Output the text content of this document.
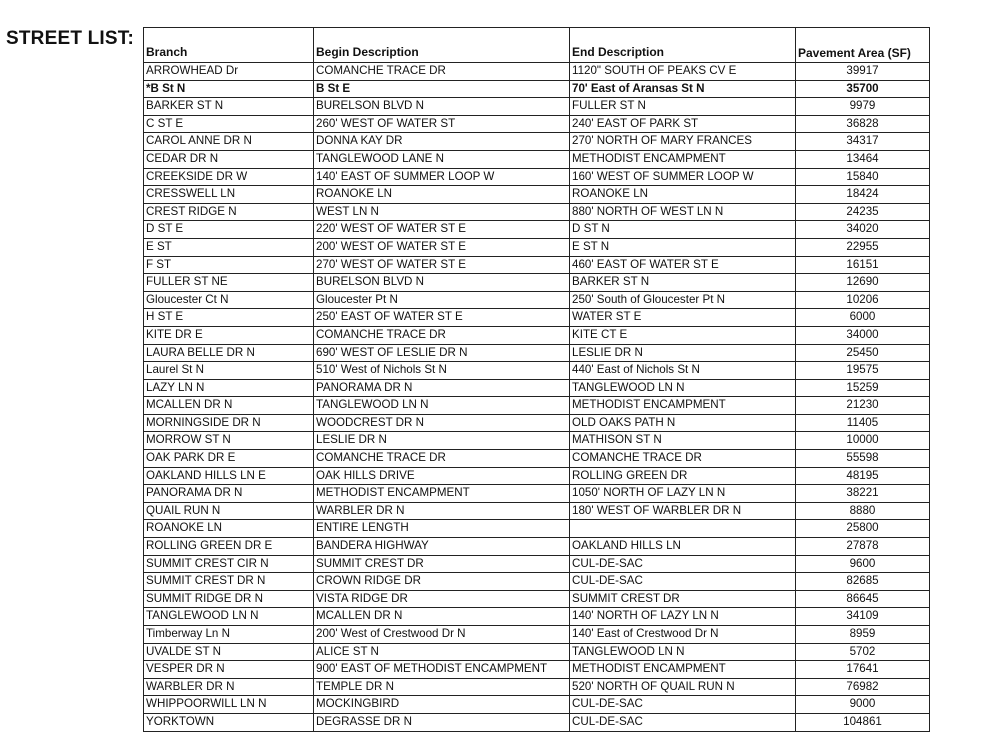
STREET LIST:
Branch	Begin Description	End Description	Pavement Area (SF)
ARROWHEAD Dr	COMANCHE TRACE DR	1120" SOUTH OF PEAKS CV E	39917
*B St N	B St E	70' East of Aransas St N	35700
BARKER ST N	BURELSON BLVD N	FULLER ST N	9979
C ST E	260' WEST OF WATER ST	240' EAST OF PARK ST	36828
CAROL ANNE DR N	DONNA KAY DR	270' NORTH OF MARY FRANCES	34317
CEDAR DR N	TANGLEWOOD LANE N	METHODIST ENCAMPMENT	13464
CREEKSIDE DR W	140' EAST OF SUMMER LOOP W	160' WEST OF SUMMER LOOP W	15840
CRESSWELL LN	ROANOKE LN	ROANOKE LN	18424
CREST RIDGE N	WEST LN N	880' NORTH OF WEST LN N	24235
D ST E	220' WEST OF WATER ST E	D ST N	34020
E ST	200' WEST OF WATER ST E	E ST N	22955
F ST	270' WEST OF WATER ST E	460' EAST OF WATER ST E	16151
FULLER ST NE	BURELSON BLVD N	BARKER ST N	12690
Gloucester Ct N	Gloucester Pt N	250' South of Gloucester Pt N	10206
H ST E	250' EAST OF WATER ST E	WATER ST E	6000
KITE DR E	COMANCHE TRACE DR	KITE CT E	34000
LAURA BELLE DR N	690' WEST OF LESLIE DR N	LESLIE DR N	25450
Laurel St N	510' West of Nichols St N	440' East of Nichols St N	19575
LAZY LN N	PANORAMA DR N	TANGLEWOOD LN N	15259
MCALLEN DR N	TANGLEWOOD LN N	METHODIST ENCAMPMENT	21230
MORNINGSIDE DR N	WOODCREST DR N	OLD OAKS PATH N	11405
MORROW ST N	LESLIE DR N	MATHISON ST N	10000
OAK PARK DR E	COMANCHE TRACE DR	COMANCHE TRACE DR	55598
OAKLAND HILLS LN E	OAK HILLS DRIVE	ROLLING GREEN DR	48195
PANORAMA DR N	METHODIST ENCAMPMENT	1050' NORTH OF LAZY LN N	38221
QUAIL RUN N	WARBLER DR N	180' WEST OF WARBLER DR N	8880
ROANOKE LN	ENTIRE LENGTH		25800
ROLLING GREEN DR E	BANDERA HIGHWAY	OAKLAND HILLS LN	27878
SUMMIT CREST CIR N	SUMMIT CREST DR	CUL-DE-SAC	9600
SUMMIT CREST DR N	CROWN RIDGE DR	CUL-DE-SAC	82685
SUMMIT RIDGE DR N	VISTA RIDGE DR	SUMMIT CREST DR	86645
TANGLEWOOD LN N	MCALLEN DR N	140' NORTH OF LAZY LN N	34109
Timberway Ln N	200' West of Crestwood Dr N	140' East of Crestwood Dr N	8959
UVALDE ST N	ALICE ST N	TANGLEWOOD LN N	5702
VESPER DR N	900' EAST OF METHODIST ENCAMPMENT	METHODIST ENCAMPMENT	17641
WARBLER DR N	TEMPLE DR N	520' NORTH OF QUAIL RUN N	76982
WHIPPOORWILL LN N	MOCKINGBIRD	CUL-DE-SAC	9000
YORKTOWN	DEGRASSE DR N	CUL-DE-SAC	104861
